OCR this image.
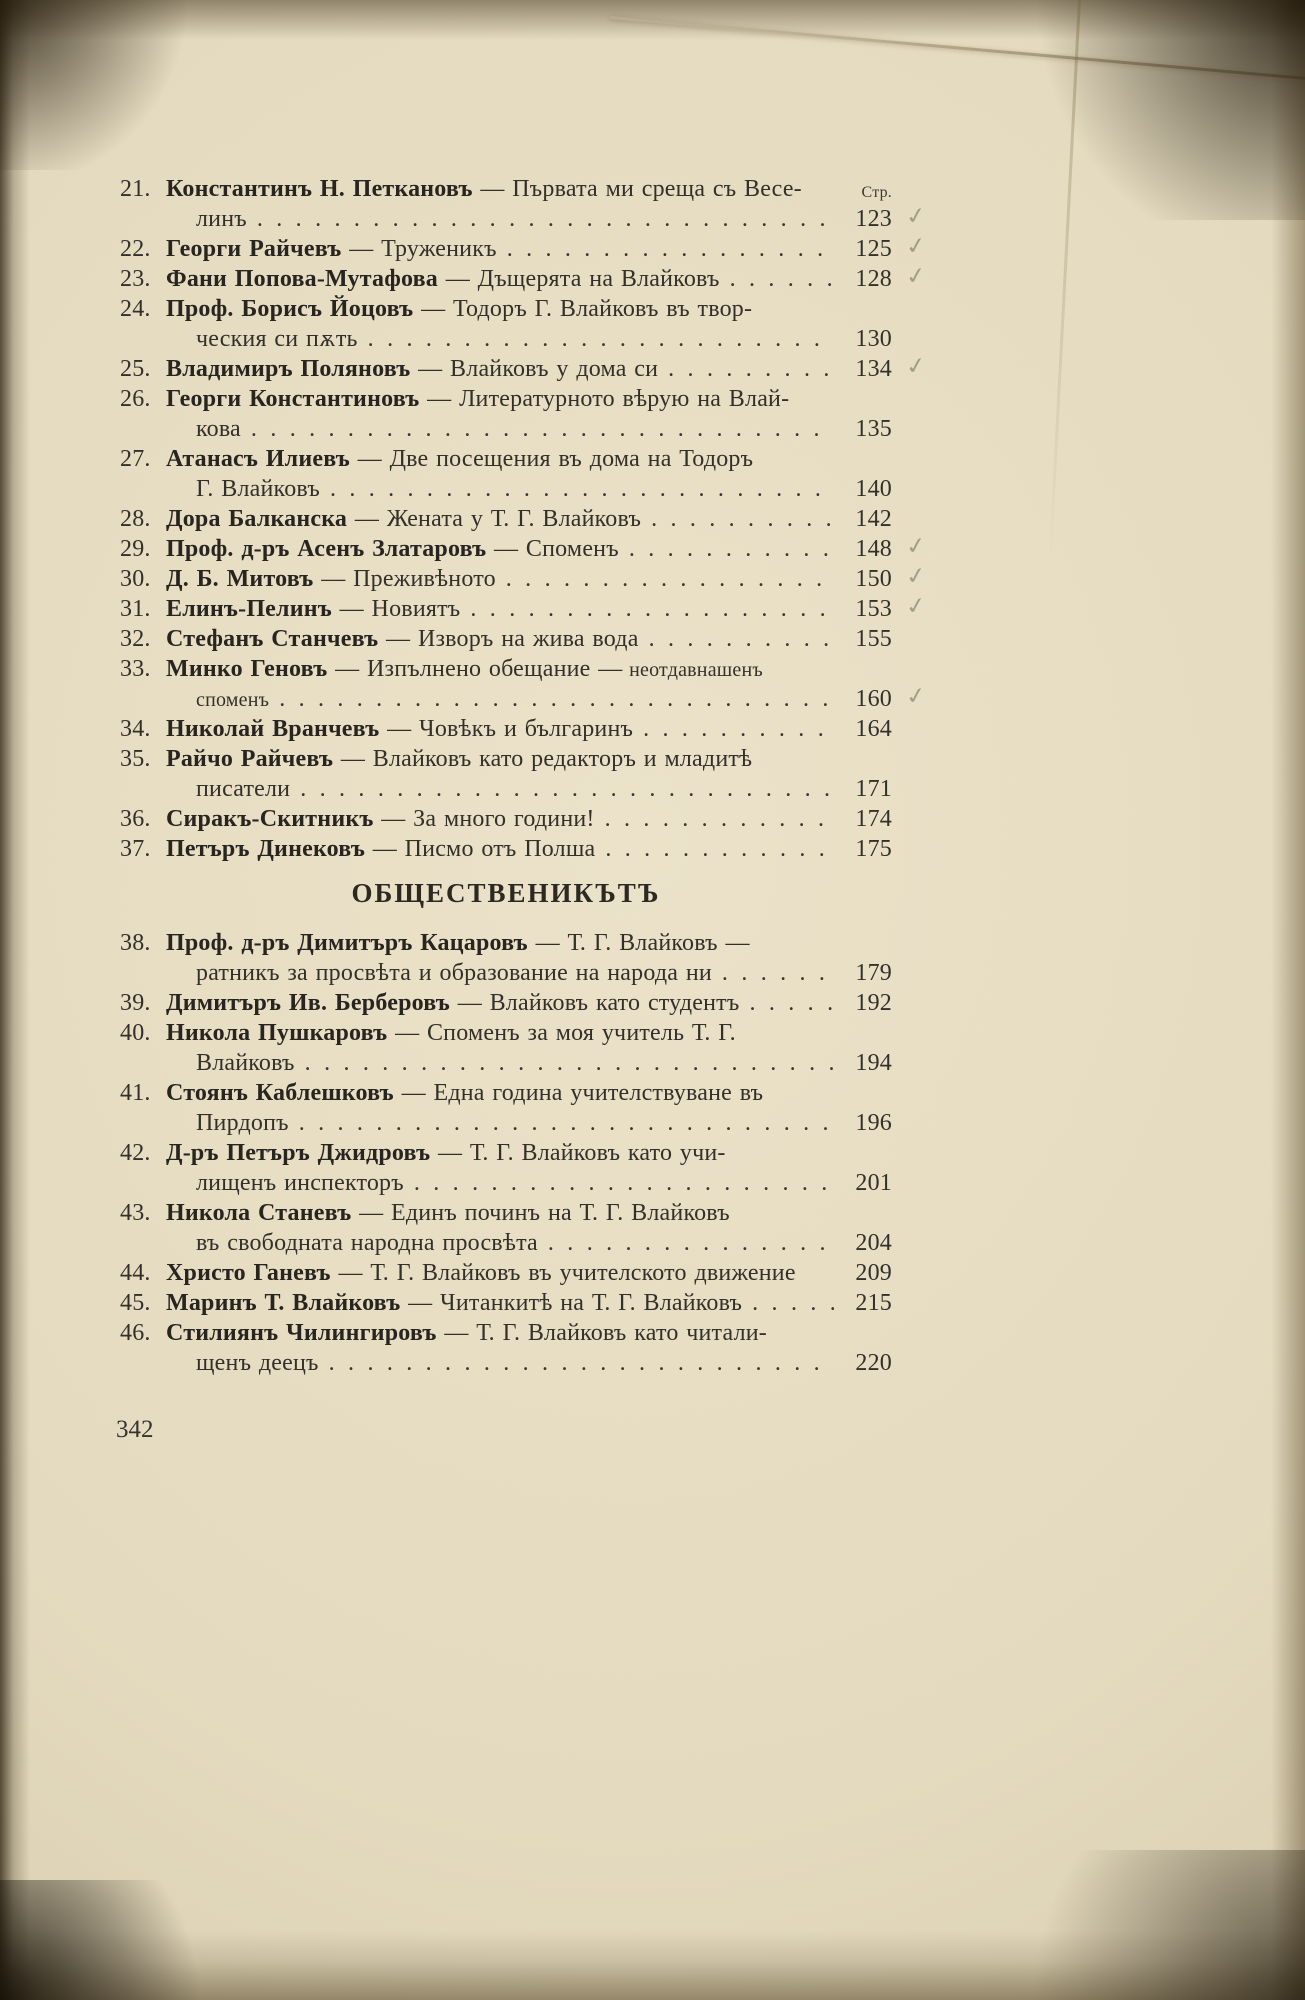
Стр.
21. Константинъ Н. Петкановъ — Първата ми среща съ Весе-
линъ . . .	123 ✓
22. Георги Райчевъ — Труженикъ . . .	125 ✓
23. Фани Попова-Мутафова — Дъщерята на Влайковъ . . .	128 ✓
24. Проф. Борисъ Йоцовъ — Тодоръ Г. Влайковъ въ твор-
ческия си пѫть . . .	130
25. Владимиръ Поляновъ — Влайковъ у дома си . . .	134 ✓
26. Георги Константиновъ — Литературното вѣрую на Влай-
кова . . .	135
27. Атанасъ Илиевъ — Две посещения въ дома на Тодоръ
Г. Влайковъ . . .	140
28. Дора Балканска — Жената у Т. Г. Влайковъ . . .	142
29. Проф. д-ръ Асенъ Златаровъ — Споменъ . . .	148 ✓
30. Д. Б. Митовъ — Преживѣното . . .	150 ✓
31. Елинъ-Пелинъ — Новиятъ . . .	153 ✓
32. Стефанъ Станчевъ — Изворъ на жива вода . . .	155
33. Минко Геновъ — Изпълнено обещание — неотдавнашенъ
споменъ . . .	160 ✓
34. Николай Вранчевъ — Човѣкъ и българинъ . . .	164
35. Райчо Райчевъ — Влайковъ като редакторъ и младитѣ
писатели . . .	171
36. Сиракъ-Скитникъ — За много години! . . .	174
37. Петъръ Динековъ — Писмо отъ Полша . . .	175
ОБЩЕСТВЕНИКЪТЪ
38. Проф. д-ръ Димитъръ Кацаровъ — Т. Г. Влайковъ —
ратникъ за просвѣта и образование на народа ни . . .	179
39. Димитъръ Ив. Берберовъ — Влайковъ като студентъ . . .	192
40. Никола Пушкаровъ — Споменъ за моя учитель Т. Г.
Влайковъ . . .	194
41. Стоянъ Каблешковъ — Една година учителствуване въ
Пирдопъ . . .	196
42. Д-ръ Петъръ Джидровъ — Т. Г. Влайковъ като учи-
лищенъ инспекторъ . . .	201
43. Никола Станевъ — Единъ починъ на Т. Г. Влайковъ
въ свободната народна просвѣта . . .	204
44. Христо Ганевъ — Т. Г. Влайковъ въ учителското движение	209
45. Маринъ Т. Влайковъ — Читанкитѣ на Т. Г. Влайковъ . . .	215
46. Стилиянъ Чилингировъ — Т. Г. Влайковъ като читали-
щенъ деецъ . . .	220
342
